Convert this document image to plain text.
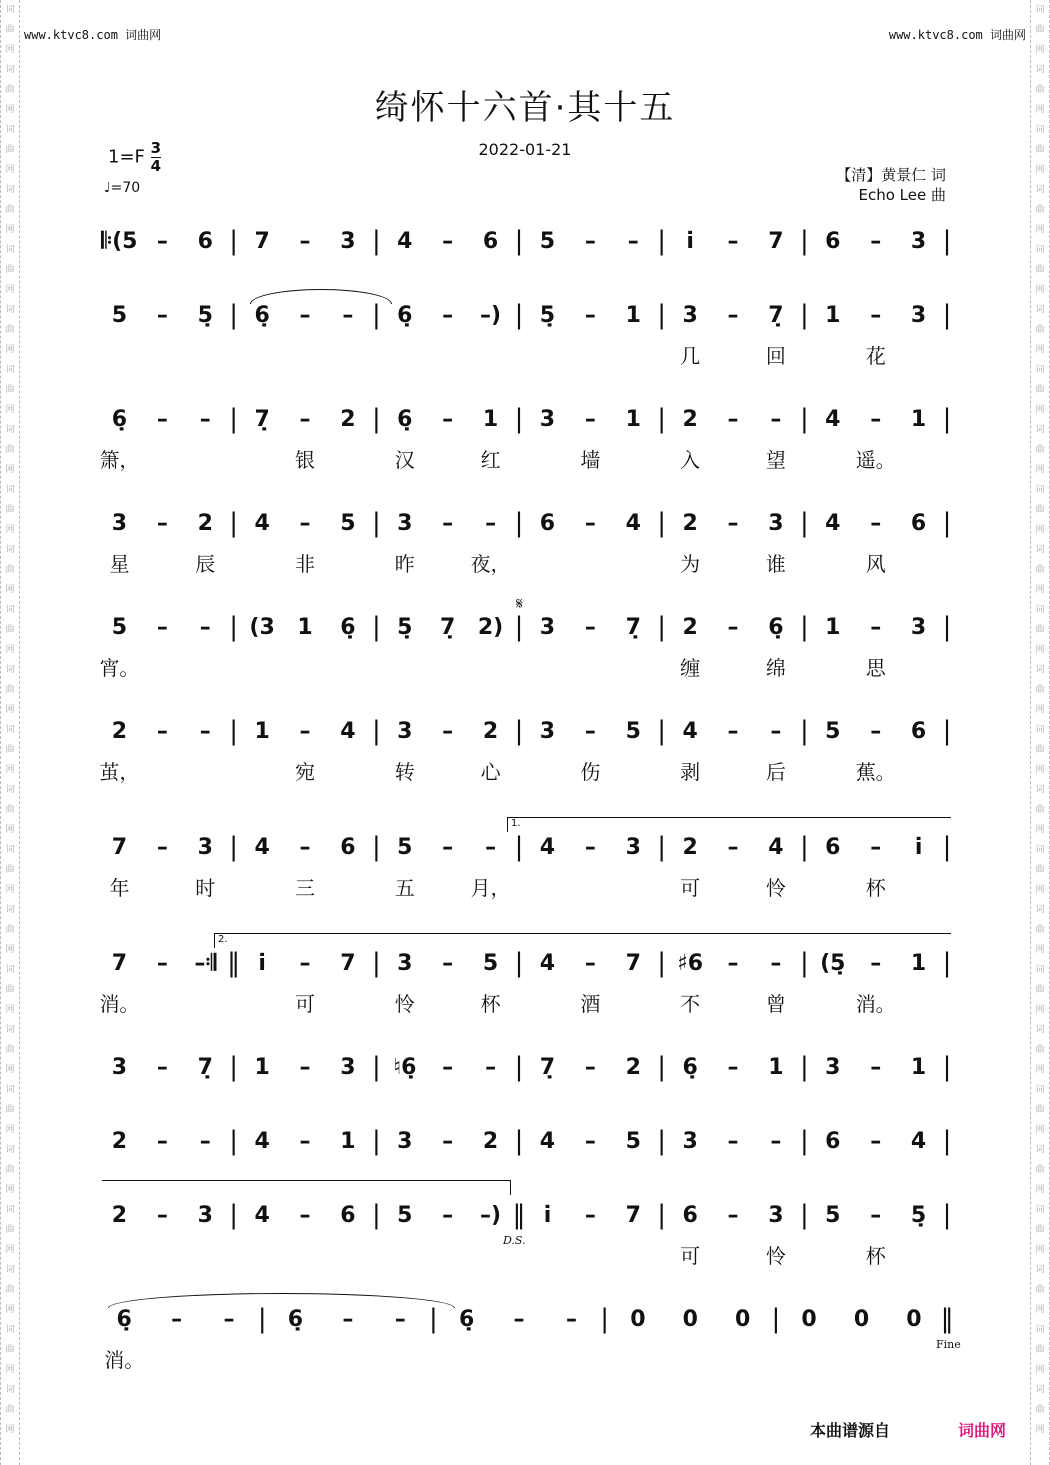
词
曲
网
词
曲
网
词
曲
网
词
曲
网
词
曲
网
词
曲
网
词
曲
网
词
曲
网
词
曲
网
词
曲
网
词
曲
网
词
曲
网
词
曲
网
词
曲
网
词
曲
网
词
曲
网
词
曲
网
词
曲
网
词
曲
网
词
曲
网
词
曲
网
词
曲
网
词
曲
网
词
曲
网

词
曲
网
词
曲
网
词
曲
网
词
曲
网
词
曲
网
词
曲
网
词
曲
网
词
曲
网
词
曲
网
词
曲
网
词
曲
网
词
曲
网
词
曲
网
词
曲
网
词
曲
网
词
曲
网
词
曲
网
词
曲
网
词
曲
网
词
曲
网
词
曲
网
词
曲
网
词
曲
网
词
曲
网

www.ktvc8.com 词曲网	www.ktvc8.com 词曲网
绮怀十六首·其十五
$1=F \frac{3}{4}$
♩=70
2022-01-21
【清】黄景仁 词
Echo Lee 曲
𝄆(5 –	6 | 7	–	3 | 4	–	6 | 5	–	– | i̇	–	7 | 6	–	3 |
5	–	5̣ | 6̣	–	– | 6̣	–	–) | 5̣	–	1 | 3	–	7̣ | 1	–	3 |
几	回	花
6̣	–	– | 7̣	–	2 | 6̣	–	1 | 3	–	1 | 2	–	– | 4	–	1 |
箫，	银	汉	红	墙	入	望	遥。
3	–	2 | 4	–	5 | 3	–	– | 6	–	4 | 2	–	3 | 4	–	6 |
星	辰	非	昨	夜，	为	谁	风
5	–	– | (3	1	6̣ | 5̣	7̣	2) | 3	–	7̣ | 2	–	6̣ | 1	–	3 |
宵。	缠	绵	思
2	–	– | 1	–	4 | 3	–	2 | 3	–	5 | 4	–	– | 5	–	6 |
茧，	宛	转	心	伤	剥	后	蕉。
7	–	3 | 4	–	6 | 5	–	– | 4	–	3 | 2	–	4 | 6	–	i̇ |
年	时	三	五	月，	可	怜	杯
7	–	–𝄇 ‖ i̇	–	7 | 3	–	5 | 4	–	7 | ♯6	–	– | (5̣	–	1 |
消。	可	怜	杯	酒	不	曾	消。
3	–	7̣ | 1	–	3 | ♮6̣	–	– | 7̣	–	2 | 6̣	–	1 | 3	–	1 |
2	–	– | 4	–	1 | 3	–	2 | 4	–	5 | 3	–	– | 6	–	4 |
2	–	3 | 4	–	6 | 5	–	–) ‖ i̇	–	7 | 6	–	3 | 5	–	5̣ |
可	怜	杯
6̣	–	– | 6̣	–	– | 6̣	–	– | 0	0	0 | 0	0	0 ‖
消。
𝄋
1.
2.
D.S.
Fine
本曲谱源自	词曲网
